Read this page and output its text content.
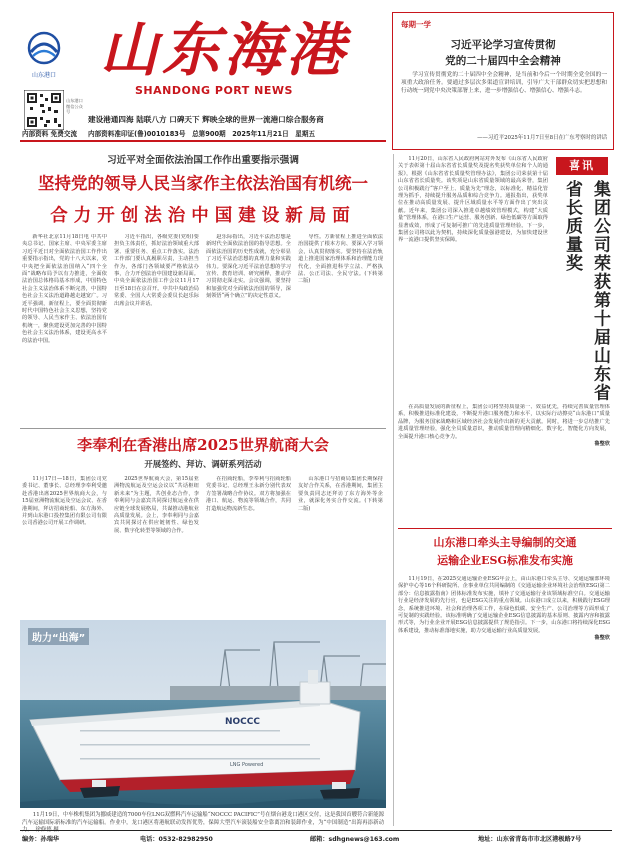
山东港口 山东海港
SHANDONG PORT NEWS
山东港口微信公众号
建设港通四海 陆联八方 口碑天下 辉映全球的世界一流港口综合服务商
内部资料 免费交流	内部资料准印证(鲁)0010183号　总第900期　2025年11月21日　星期五
每期一学
习近平论学习宣传贯彻
党的二十届四中全会精神
学习宣传贯彻党的二十届四中全会精神，是当前和今后一个时期全党全国的一项重大政治任务。要通过多层次多渠道宣讲培训，引导广大干部群众切实把思想和行动统一到党中央决策部署上来，进一步增强信心、增强信心、增强斗志。
——习近平2025年11月7日至8日在广东考察时的讲话
习近平对全面依法治国工作作出重要指示强调
坚持党的领导人民当家作主依法治国有机统一
合力开创法治中国建设新局面

新华社北京11月18日电 中共中央总书记、国家主席、中央军委主席习近平近日对全面依法治国工作作出重要指示指出，党的十八大以来，党中央把全面依法治国纳入“四个全面”战略布局予以有力推进，全面依法治国总体格局基本形成，中国特色社会主义法治体系不断完善，中国特色社会主义法治道路越走越宽广。习近平强调，新征程上，要全面贯彻新时代中国特色社会主义思想，坚持党的领导、人民当家作主、依法治国有机统一，聚焦建设更加完善的中国特色社会主义法治体系，建设更高水平的法治中国。

习近平指出，各级党委(党组)要担负主体责任，抓好法治领域重大部署、重要任务、重点工作落实。法治工作部门要认真履职尽责，主动担当作为，各部门各领域要严格依法办事，合力开创法治中国建设新局面。中央全面依法治国工作会议11月17日至18日在京召开。中共中央政治局常委、全国人大常委会委员长赵乐际出席会议并讲话。

赵乐际指出，习近平法治思想是新时代全面依法治国的指导思想。全面依法治国的历史性成就，充分彰显了习近平法治思想的真理力量和实践伟力。要深化习近平法治思想的学习宣传、教育培训、研究阐释，推动学习贯彻走深走实。会议强调，要坚持和加强党对全面依法治国的领导，深刻领悟“两个确立”的决定性意义。

导性。方新征程上推进全面依法治国提供了根本方向、要深入学习领会，认真贯彻落实。要坚持在法治轨道上推进国家治理体系和治理能力现代化，全面推进科学立法、严格执法、公正司法、全民守法。(下转第二版)

李奉利在香港出席2025世界航商大会
开展签约、拜访、调研系列活动

11月17日—18日，集团公司党委书记、董事长、总经理李奉利受邀赴香港出席2025世界航商大会，与15届亚洲物流航运及空运会议、在香港期间，拜访招商轮船、东方海外、并到山东港口投控集团有限公司有限公司香港公司开展工作调研。

2025世界航商大会，第15届亚洲物流航运及空运会议以“共话枢纽新未来”为主题，共创业态合作，李奉利同与会嘉宾共同探讨航运业在供应链全球发展格局，共谋推动港航业高质量发展。会上，李奉利同与会嘉宾共同探讨在供应链韧性、绿色发展、数字化转型等领域的合作。

在招商轮船，李奉利与招商轮船党委书记、总经理王永新分别代表双方签署战略合作协议。双方将加强在港口、航运、物流等领域合作，共同打造航运物流新生态。

山东港口与招商局集团长期保持友好合作关系，在香港期间，集团主要负责同志还拜访了东方海外等企业，就深化务实合作交流。(下转第二版)

NOCCC
LNG Powered
助力“出海”
11月19日，中车株机集团为挪威建造的7000车位LNG双燃料汽车运输船“NOCCC PACIFIC”号在烟台港龙口港区交付，这是我国首艘符合新能源汽车运输国际新标准的汽车运输船。作业中，龙口港区将港航联动发挥优势，保障大型汽车滚装船安全靠离泊和装卸作业，为“中国制造”出海再添新动　
喜讯
集团公司荣获第十届山东省省长质量奖

11月20日，山东省人民政府网站对外发布《山东省人民政府关于表彰第十届山东省省长质量奖及提名奖获奖单位和个人的通报》，根据《山东省省长质量奖管理办法》，集团公司荣获第十届山东省省长质量奖。该奖项是山东省质量领域的最高荣誉，集团公司积极践行“客户至上、质量为先”理念，以标准化、精益化管理为抓手，持续提升服务品质和综合竞争力。通报指出，获奖单位在推动高质量发展、提升区域质量水平等方面作出了突出贡献。近年来，集团公司深入推进卓越绩效管理模式，构建“大质量”管理体系，在港口生产运营、服务创新、绿色低碳等方面取得显著成效，形成了可复制可推广的先进质量管理经验。下一步，集团公司将以此为契机，持续深化质量强港建设，为加快建设世界一流港口提供坚实保障。

在高质量发展的新征程上，集团公司将坚持质量第一、效益优先，持续完善质量管理体系，积极推进标准化建设，不断提升港口服务能力和水平，以实际行动擦亮“山东港口”质量品牌，为服务国家战略和区域经济社会发展作出新的更大贡献。同时，将进一步总结推广先进质量管理经验，强化全员质量意识，推动质量管理向精细化、数字化、智能化方向发展，全面提升港口核心竞争力。

鲁整欣
山东港口牵头主导编制的交通
运输企业ESG标准发布实施

11月19日，在2025交通运输企业ESG年会上，由山东港口牵头主导、交通运输部环境保护中心等16个科研院所、企事业单位共同编制的《交通运输企业环境社会治理(ESG)第二部分：信息披露指南》团体标准发布实施，填补了交通运输行业该领域标准空白。交通运输行业是经济发展的先行官，也是ESG关注的重点领域。山东港口成立以来，积极践行ESG理念，系统推进环境、社会和治理各项工作，在绿色低碳、安全生产、公司治理等方面形成了可复制的实践经验。该标准明确了交通运输企业ESG信息披露的基本原则、披露内容和披露形式等，为行业企业开展ESG信息披露提供了规范指引。下一步，山东港口将持续深化ESG体系建设，推动标准落地实施，助力交通运输行业高质量发展。

鲁整欣
编务：孙瑞华	电话：0532-82982950	邮箱：sdhgnews@163.com	地址：山东省青岛市市北区港极路7号
